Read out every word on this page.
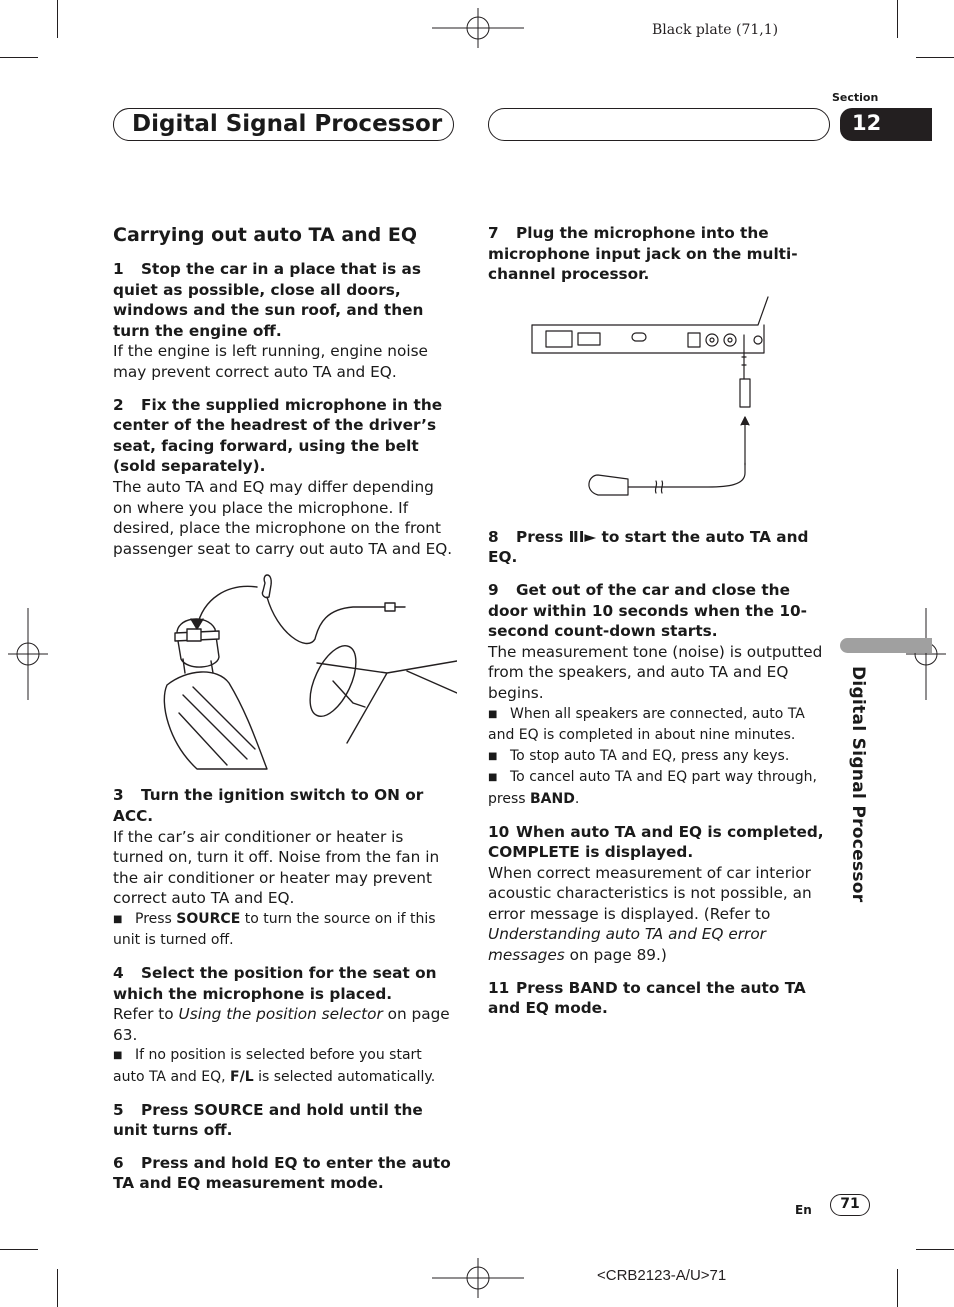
Black plate (71,1)
Digital Signal Processor
Section
12
Digital Signal Processor
Carrying out auto TA and EQ
1 Stop the car in a place that is as quiet as possible, close all doors, windows and the sun roof, and then turn the engine off.

If the engine is left running, engine noise may prevent correct auto TA and EQ.

2 Fix the supplied microphone in the center of the headrest of the driver’s seat, facing forward, using the belt (sold separately).

The auto TA and EQ may differ depending on where you place the microphone. If desired, place the microphone on the front passenger seat to carry out auto TA and EQ.

3 Turn the ignition switch to ON or ACC.

If the car’s air conditioner or heater is turned on, turn it off. Noise from the fan in the air conditioner or heater may prevent correct auto TA and EQ.

■ Press SOURCE to turn the source on if this unit is turned off.

4 Select the position for the seat on which the microphone is placed.

Refer to Using the position selector on page 63.

■ If no position is selected before you start auto TA and EQ, F/L is selected automatically.

5 Press SOURCE and hold until the unit turns off.
6 Press and hold EQ to enter the auto TA and EQ measurement mode.
7 Plug the microphone into the microphone input jack on the multi-channel processor.
8 Press ⅡI► to start the auto TA and EQ.
9 Get out of the car and close the door within 10 seconds when the 10-second count-down starts.

The measurement tone (noise) is outputted from the speakers, and auto TA and EQ begins.

■ When all speakers are connected, auto TA and EQ is completed in about nine minutes.

■ To stop auto TA and EQ, press any keys.

■ To cancel auto TA and EQ part way through, press BAND.

10 When auto TA and EQ is completed, COMPLETE is displayed.

When correct measurement of car interior acoustic characteristics is not possible, an error message is displayed. (Refer to Understanding auto TA and EQ error messages on page 89.)

11 Press BAND to cancel the auto TA and EQ mode.
En	71
<CRB2123-A/U>71
